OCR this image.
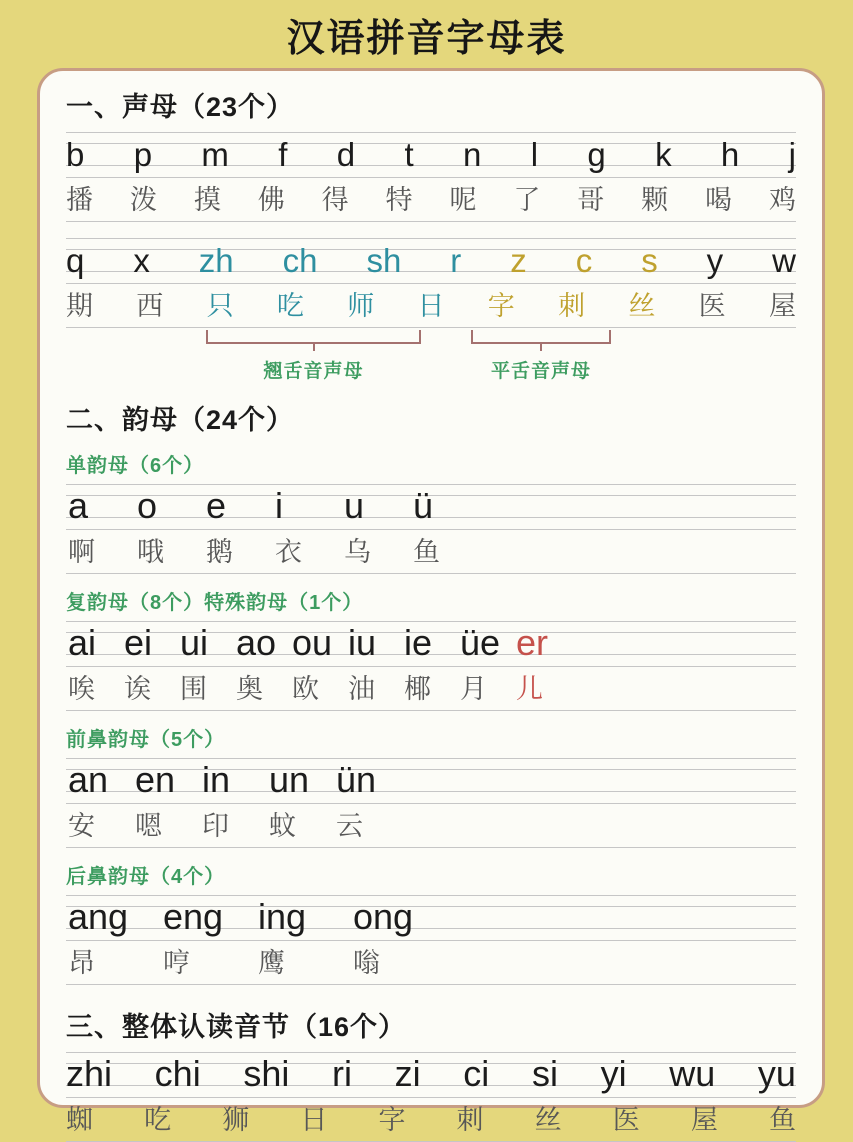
汉语拼音字母表
一、声母（23个）
b p m f d t n l g k h j
播 泼 摸 佛 得 特 呢 了 哥 颗 喝 鸡
q x zh ch sh r z c s y w
期 西 只 吃 师 日 字 刺 丝 医 屋
翘舌音声母	平舌音声母
二、韵母（24个）
单韵母（6个）
a	o	e	i	u	ü
啊	哦	鹅	衣	乌	鱼
复韵母（8个）特殊韵母（1个）
ai ei ui ao ou iu ie üe er
唉	诶	围	奥	欧	油	椰	月	儿
前鼻韵母（5个）
an en in	un ün
安	嗯	印	蚊	云
后鼻韵母（4个）
ang eng ing	ong
昂	哼	鹰	嗡
三、整体认读音节（16个）
zhi chi shi ri zi ci si yi wu yu
蜘 吃 狮 日 字 刺 丝 医 屋 鱼
